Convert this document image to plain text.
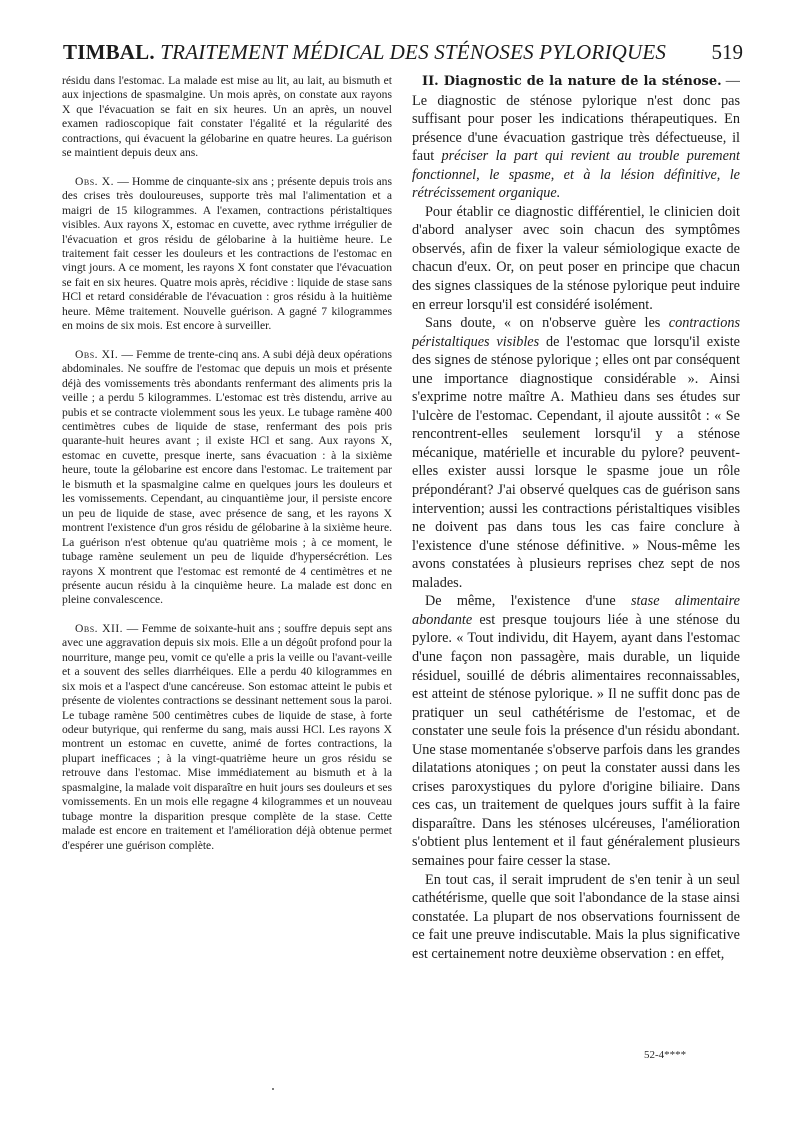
TIMBAL. TRAITEMENT MÉDICAL DES STÉNOSES PYLORIQUES 519

résidu dans l'estomac. La malade est mise au lit, au lait, au bismuth et aux injections de spasmalgine. Un mois après, on constate aux rayons X que l'évacuation se fait en six heures. Un an après, un nouvel examen radioscopique fait constater l'égalité et la régularité des contractions, qui évacuent la gélobarine en quatre heures. La guérison se maintient depuis deux ans.

Obs. X. — Homme de cinquante-six ans ; présente depuis trois ans des crises très douloureuses, supporte très mal l'alimentation et a maigri de 15 kilogrammes. A l'examen, contractions péristaltiques visibles. Aux rayons X, estomac en cuvette, avec rythme irrégulier de l'évacuation et gros résidu de gélobarine à la huitième heure. Le traitement fait cesser les douleurs et les contractions de l'estomac en vingt jours. A ce moment, les rayons X font constater que l'évacuation se fait en six heures. Quatre mois après, récidive : liquide de stase sans HCl et retard considérable de l'évacuation : gros résidu à la huitième heure. Même traitement. Nouvelle guérison. A gagné 7 kilogrammes en moins de six mois. Est encore à surveiller.

Obs. XI. — Femme de trente-cinq ans. A subi déjà deux opérations abdominales. Ne souffre de l'estomac que depuis un mois et présente déjà des vomissements très abondants renfermant des aliments pris la veille ; a perdu 5 kilogrammes. L'estomac est très distendu, arrive au pubis et se contracte violemment sous les yeux. Le tubage ramène 400 centimètres cubes de liquide de stase, renfermant des pois pris quarante-huit heures avant ; il existe HCl et sang. Aux rayons X, estomac en cuvette, presque inerte, sans évacuation : à la sixième heure, toute la gélobarine est encore dans l'estomac. Le traitement par le bismuth et la spasmalgine calme en quelques jours les douleurs et les vomissements. Cependant, au cinquantième jour, il persiste encore un peu de liquide de stase, avec présence de sang, et les rayons X montrent l'existence d'un gros résidu de gélobarine à la sixième heure. La guérison n'est obtenue qu'au quatrième mois ; à ce moment, le tubage ramène seulement un peu de liquide d'hypersécrétion. Les rayons X montrent que l'estomac est remonté de 4 centimètres et ne présente aucun résidu à la cinquième heure. La malade est donc en pleine convalescence.

Obs. XII. — Femme de soixante-huit ans ; souffre depuis sept ans avec une aggravation depuis six mois. Elle a un dégoût profond pour la nourriture, mange peu, vomit ce qu'elle a pris la veille ou l'avant-veille et a souvent des selles diarrhéiques. Elle a perdu 40 kilogrammes en six mois et a l'aspect d'une cancéreuse. Son estomac atteint le pubis et présente de violentes contractions se dessinant nettement sous la paroi. Le tubage ramène 500 centimètres cubes de liquide de stase, à forte odeur butyrique, qui renferme du sang, mais aussi HCl. Les rayons X montrent un estomac en cuvette, animé de fortes contractions, la plupart inefficaces ; à la vingt-quatrième heure un gros résidu se retrouve dans l'estomac. Mise immédiatement au bismuth et à la spasmalgine, la malade voit disparaître en huit jours ses douleurs et ses vomissements. En un mois elle regagne 4 kilogrammes et un nouveau tubage montre la disparition presque complète de la stase. Cette malade est encore en traitement et l'amélioration déjà obtenue permet d'espérer une guérison complète.

II. Diagnostic de la nature de la sténose. — Le diagnostic de sténose pylorique n'est donc pas suffisant pour poser les indications thérapeutiques. En présence d'une évacuation gastrique très défectueuse, il faut préciser la part qui revient au trouble purement fonctionnel, le spasme, et à la lésion définitive, le rétrécissement organique.

Pour établir ce diagnostic différentiel, le clinicien doit d'abord analyser avec soin chacun des symptômes observés, afin de fixer la valeur sémiologique exacte de chacun d'eux. Or, on peut poser en principe que chacun des signes classiques de la sténose pylorique peut induire en erreur lorsqu'il est considéré isolément.

Sans doute, « on n'observe guère les contractions péristaltiques visibles de l'estomac que lorsqu'il existe des signes de sténose pylorique ; elles ont par conséquent une importance diagnostique considérable ». Ainsi s'exprime notre maître A. Mathieu dans ses études sur l'ulcère de l'estomac. Cependant, il ajoute aussitôt : « Se rencontrent-elles seulement lorsqu'il y a sténose mécanique, matérielle et incurable du pylore? peuvent-elles exister aussi lorsque le spasme joue un rôle prépondérant? J'ai observé quelques cas de guérison sans intervention; aussi les contractions péristaltiques visibles ne doivent pas dans tous les cas faire conclure à l'existence d'une sténose définitive. » Nous-même les avons constatées à plusieurs reprises chez sept de nos malades.

De même, l'existence d'une stase alimentaire abondante est presque toujours liée à une sténose du pylore. « Tout individu, dit Hayem, ayant dans l'estomac d'une façon non passagère, mais durable, un liquide résiduel, souillé de débris alimentaires reconnaissables, est atteint de sténose pylorique. » Il ne suffit donc pas de pratiquer un seul cathétérisme de l'estomac, et de constater une seule fois la présence d'un résidu abondant. Une stase momentanée s'observe parfois dans les grandes dilatations atoniques ; on peut la constater aussi dans les crises paroxystiques du pylore d'origine biliaire. Dans ces cas, un traitement de quelques jours suffit à la faire disparaître. Dans les sténoses ulcéreuses, l'amélioration s'obtient plus lentement et il faut généralement plusieurs semaines pour faire cesser la stase.

En tout cas, il serait imprudent de s'en tenir à un seul cathétérisme, quelle que soit l'abondance de la stase ainsi constatée. La plupart de nos observations fournissent de ce fait une preuve indiscutable. Mais la plus significative est certainement notre deuxième observation : en effet,

52-4****
